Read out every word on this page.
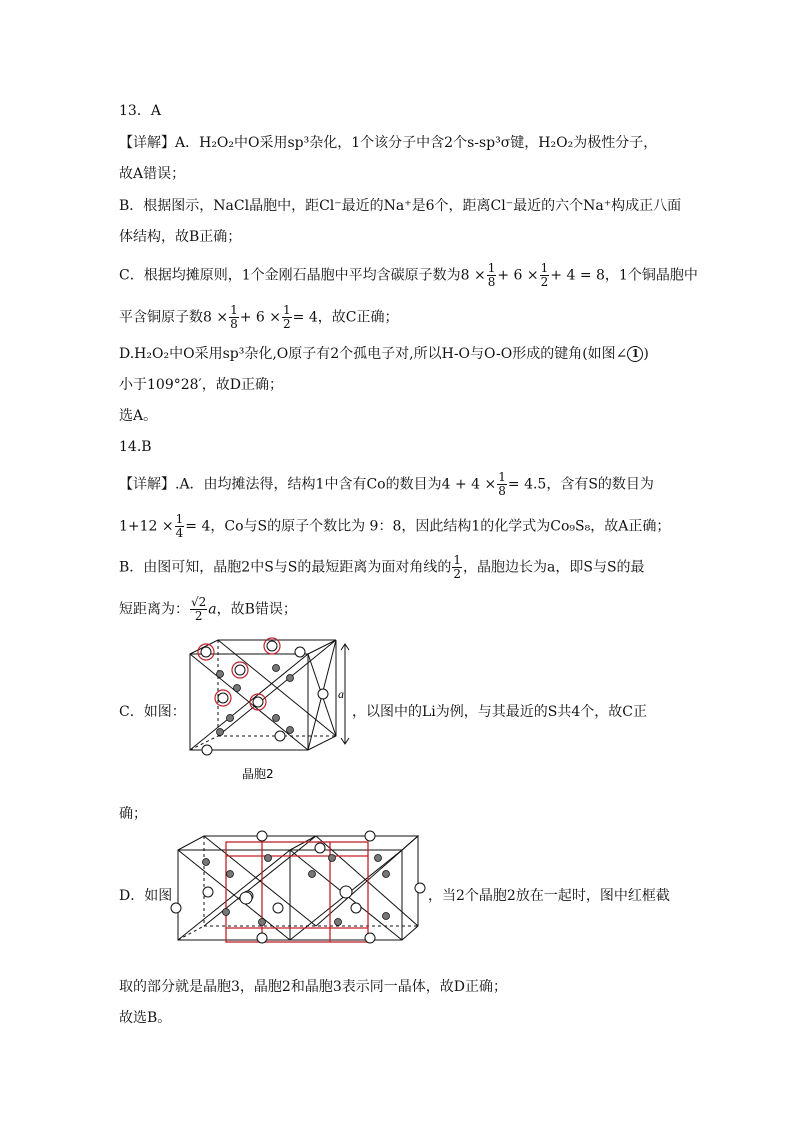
13．A
【详解】A．H₂O₂中O采用sp³杂化，1个该分子中含2个s-sp³σ键，H₂O₂为极性分子，
故A错误；
B．根据图示，NaCl晶胞中，距Cl⁻最近的Na⁺是6个，距离Cl⁻最近的六个Na⁺构成正八面
体结构，故B正确；
C．根据均摊原则，1个金刚石晶胞中平均含碳原子数为$8 \times \frac{1}{8} + 6 \times \frac{1}{2} + 4 = 8$，1个铜晶胞中
平含铜原子数$8 \times \frac{1}{8} + 6 \times \frac{1}{2} = 4$，故C正确；
D.H₂O₂中O采用sp³杂化,O原子有2个孤电子对,所以H-O与O-O形成的键角(如图∠ 1 )
小于109°28′，故D正确；
选A。
14.B
【详解】.A．由均摊法得，结构1中含有Co的数目为$4 + 4 \times \frac{1}{8} = 4.5$，含有S的数目为
$1+12 \times \frac{1}{4} = 4$，Co与S的原子个数比为 9：8，因此结构1的化学式为Co₉S₈，故A正确；
B．由图可知，晶胞2中S与S的最短距离为面对角线的 $\frac{1}{2}$ ，晶胞边长为a，即S与S的最
短距离为： $\frac{√2}{2}$ a，故B错误；
C．如图：	，以图中的Li为例，与其最近的S共4个，故C正
a
晶胞2
确；
D．如图	，当2个晶胞2放在一起时，图中红框截
取的部分就是晶胞3，晶胞2和晶胞3表示同一晶体，故D正确；
故选B。
